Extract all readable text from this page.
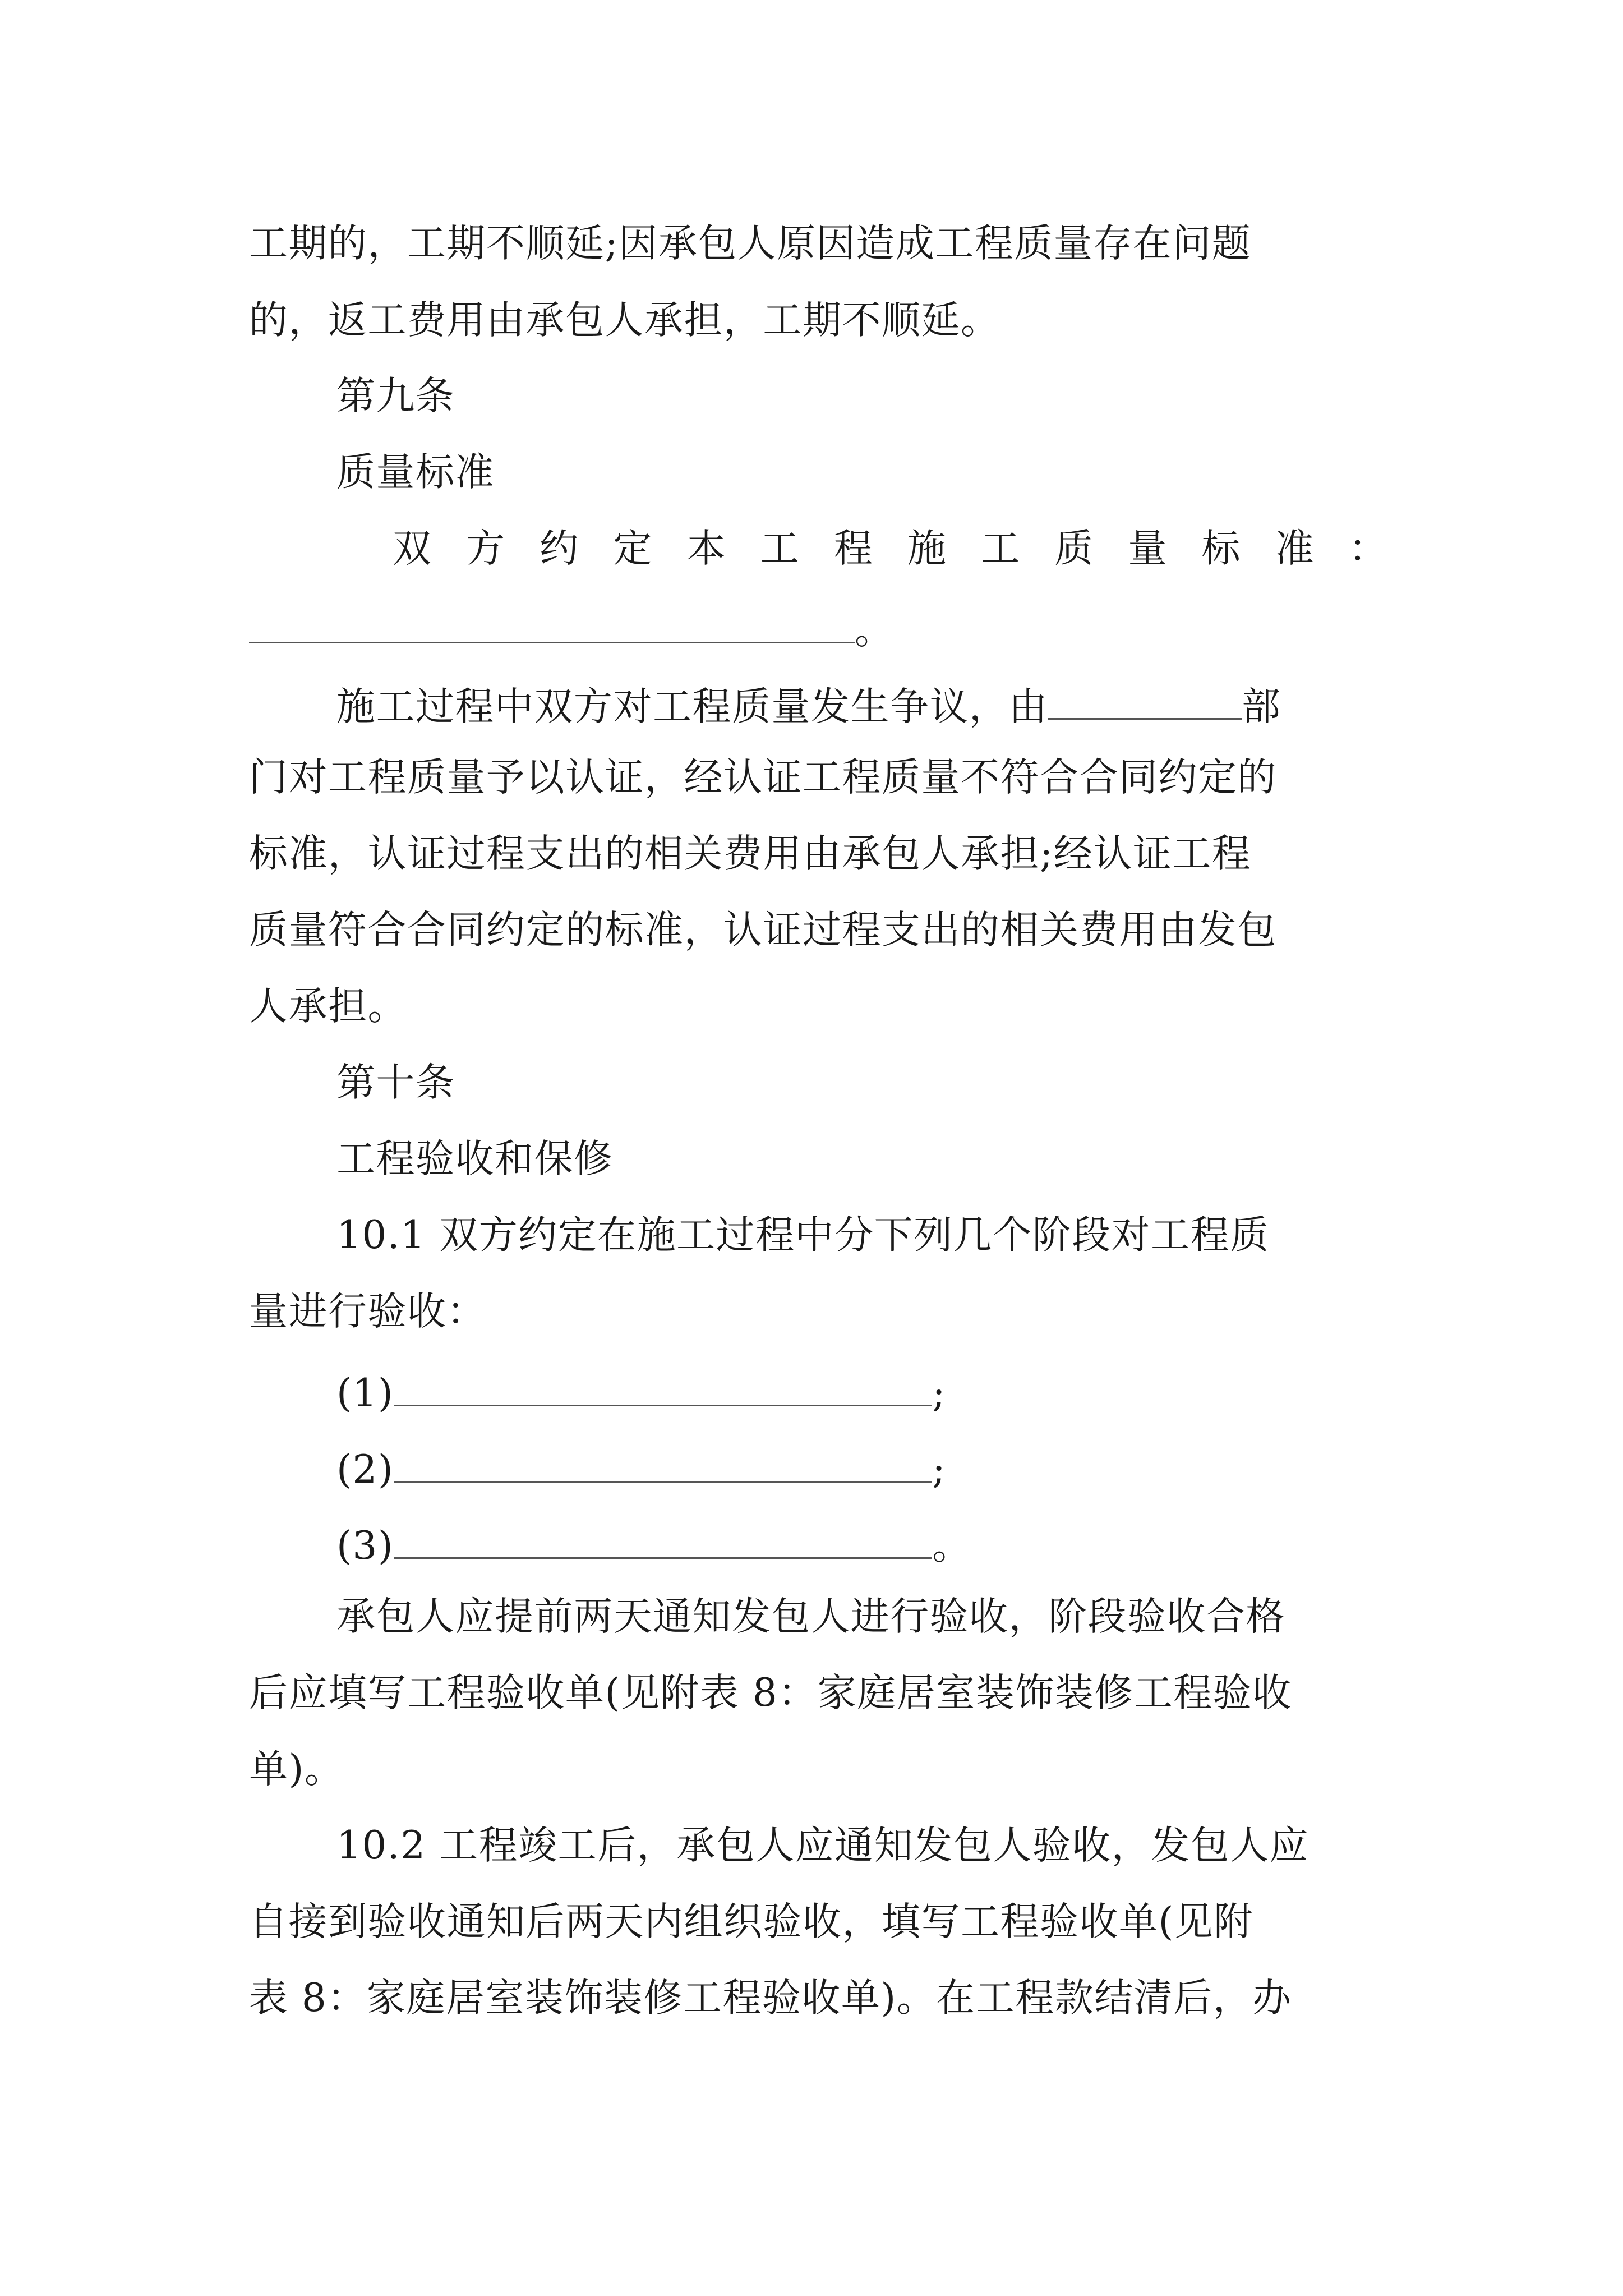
工期的，工期不顺延;因承包人原因造成工程质量存在问题
的，返工费用由承包人承担，工期不顺延。
第九条
质量标准
双 方 约 定 本 工 程 施 工 质 量 标 准 ：
。
施工过程中双方对工程质量发生争议，由	部
门对工程质量予以认证，经认证工程质量不符合合同约定的
标准，认证过程支出的相关费用由承包人承担;经认证工程
质量符合合同约定的标准，认证过程支出的相关费用由发包
人承担。
第十条
工程验收和保修
10.1 双方约定在施工过程中分下列几个阶段对工程质
量进行验收：
(1)	;
(2)	;
(3)	。
承包人应提前两天通知发包人进行验收，阶段验收合格
后应填写工程验收单(见附表 8：家庭居室装饰装修工程验收
单)。
10.2 工程竣工后，承包人应通知发包人验收，发包人应
自接到验收通知后两天内组织验收，填写工程验收单(见附
表 8：家庭居室装饰装修工程验收单)。在工程款结清后，办
